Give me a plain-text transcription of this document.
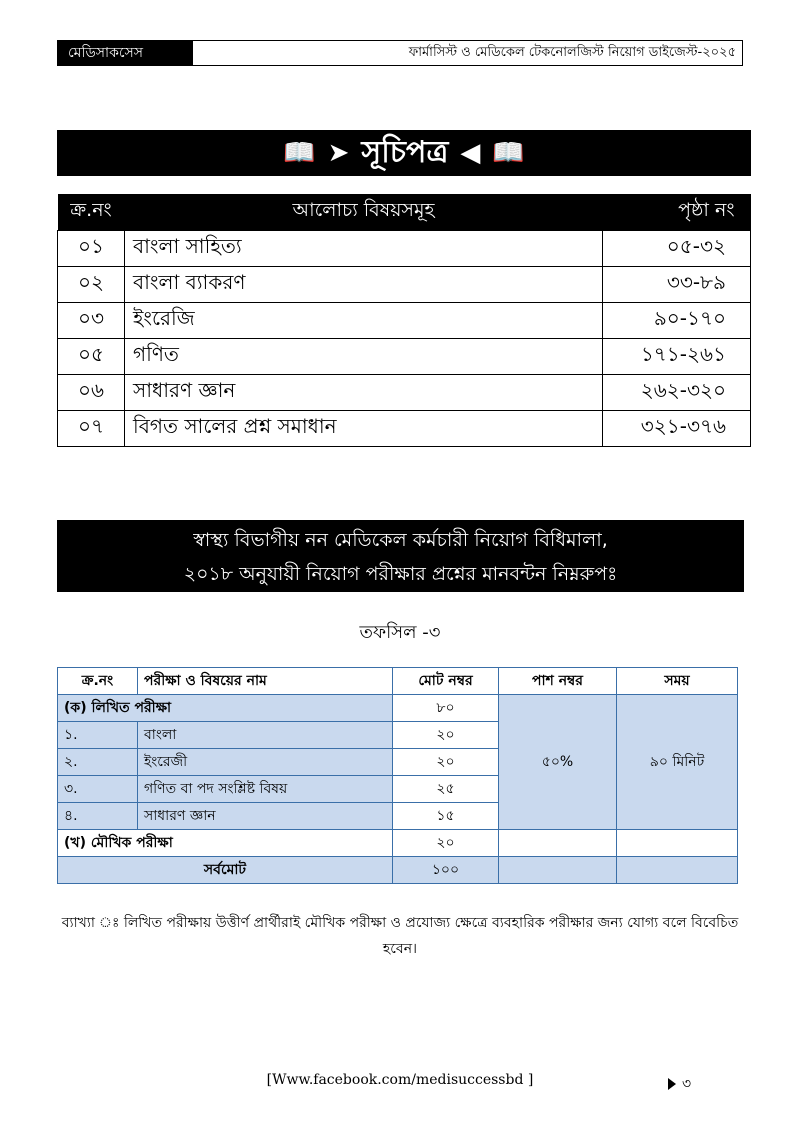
মেডিসাকসেস	ফার্মাসিস্ট ও মেডিকেল টেকনোলজিস্ট নিয়োগ ডাইজেস্ট-২০২৫
📖 ➤ সূচিপত্র ◀ 📖
ক্র.নং	আলোচ্য বিষয়সমূহ	পৃষ্ঠা নং
০১	বাংলা সাহিত্য	০৫-৩২
০২	বাংলা ব্যাকরণ	৩৩-৮৯
০৩	ইংরেজি	৯০-১৭০
০৫	গণিত	১৭১-২৬১
০৬	সাধারণ জ্ঞান	২৬২-৩২০
০৭	বিগত সালের প্রশ্ন সমাধান	৩২১-৩৭৬
স্বাস্থ্য বিভাগীয় নন মেডিকেল কর্মচারী নিয়োগ বিধিমালা,
২০১৮ অনুযায়ী নিয়োগ পরীক্ষার প্রশ্নের মানবন্টন নিম্নরুপঃ
তফসিল -৩
ক্র.নং	পরীক্ষা ও বিষয়ের নাম	মোট নম্বর	পাশ নম্বর	সময়
(ক) লিখিত পরীক্ষা		৮০	৫০%	৯০ মিনিট
১.	বাংলা	২০		
২.	ইংরেজী	২০		
৩.	গণিত বা পদ সংশ্লিষ্ট বিষয়	২৫		
৪.	সাধারণ জ্ঞান	১৫		
(খ) মৌখিক পরীক্ষা		২০		
সর্বমোট		১০০		
ব্যাখ্যা ঃ লিখিত পরীক্ষায় উত্তীর্ণ প্রার্থীরাই মৌখিক পরীক্ষা ও প্রযোজ্য ক্ষেত্রে ব্যবহারিক পরীক্ষার জন্য যোগ্য বলে বিবেচিত হবেন।
[Www.facebook.com/medisuccessbd ]	৩
